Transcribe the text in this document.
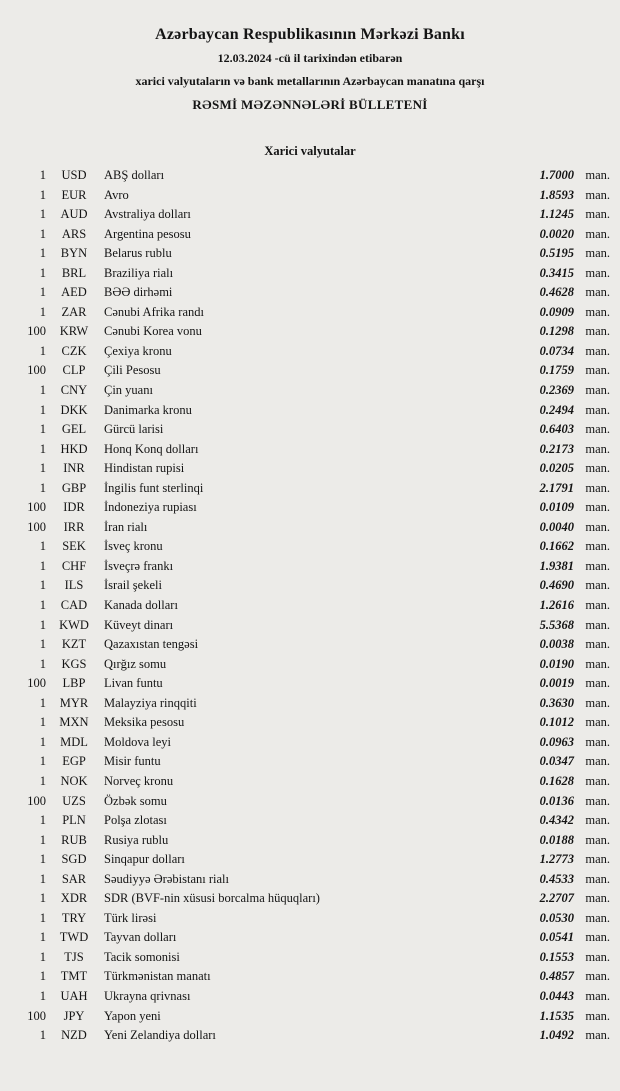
Azərbaycan Respublikasının Mərkəzi Bankı
12.03.2024 -cü il tarixindən etibarən
xarici valyutaların və bank metallarının Azərbaycan manatına qarşı
RƏSMİ MƏZƏNNƏLƏRİ BÜLLETENİ
Xarici valyutalar
1	USD	ABŞ dolları	1.7000 man.
1	EUR	Avro	1.8593 man.
1	AUD	Avstraliya dolları	1.1245 man.
1	ARS	Argentina pesosu	0.0020 man.
1	BYN	Belarus rublu	0.5195 man.
1	BRL	Braziliya rialı	0.3415 man.
1	AED	BƏƏ dirhəmi	0.4628 man.
1	ZAR	Cənubi Afrika randı	0.0909 man.
100	KRW	Cənubi Korea vonu	0.1298 man.
1	CZK	Çexiya kronu	0.0734 man.
100	CLP	Çili Pesosu	0.1759 man.
1	CNY	Çin yuanı	0.2369 man.
1	DKK	Danimarka kronu	0.2494 man.
1	GEL	Gürcü larisi	0.6403 man.
1	HKD	Honq Konq dolları	0.2173 man.
1	INR	Hindistan rupisi	0.0205 man.
1	GBP	İngilis funt sterlinqi	2.1791 man.
100	IDR	İndoneziya rupiası	0.0109 man.
100	IRR	İran rialı	0.0040 man.
1	SEK	İsveç kronu	0.1662 man.
1	CHF	İsveçrə frankı	1.9381 man.
1	ILS	İsrail şekeli	0.4690 man.
1	CAD	Kanada dolları	1.2616 man.
1	KWD	Küveyt dinarı	5.5368 man.
1	KZT	Qazaxıstan tengəsi	0.0038 man.
1	KGS	Qırğız somu	0.0190 man.
100	LBP	Livan funtu	0.0019 man.
1	MYR	Malayziya rinqqiti	0.3630 man.
1	MXN	Meksika pesosu	0.1012 man.
1	MDL	Moldova leyi	0.0963 man.
1	EGP	Misir funtu	0.0347 man.
1	NOK	Norveç kronu	0.1628 man.
100	UZS	Özbək somu	0.0136 man.
1	PLN	Polşa zlotası	0.4342 man.
1	RUB	Rusiya rublu	0.0188 man.
1	SGD	Sinqapur dolları	1.2773 man.
1	SAR	Səudiyyə Ərəbistanı rialı	0.4533 man.
1	XDR	SDR (BVF-nin xüsusi borcalma hüquqları)	2.2707 man.
1	TRY	Türk lirəsi	0.0530 man.
1	TWD	Tayvan dolları	0.0541 man.
1	TJS	Tacik somonisi	0.1553 man.
1	TMT	Türkmənistan manatı	0.4857 man.
1	UAH	Ukrayna qrivnası	0.0443 man.
100	JPY	Yapon yeni	1.1535 man.
1	NZD	Yeni Zelandiya dolları	1.0492 man.
